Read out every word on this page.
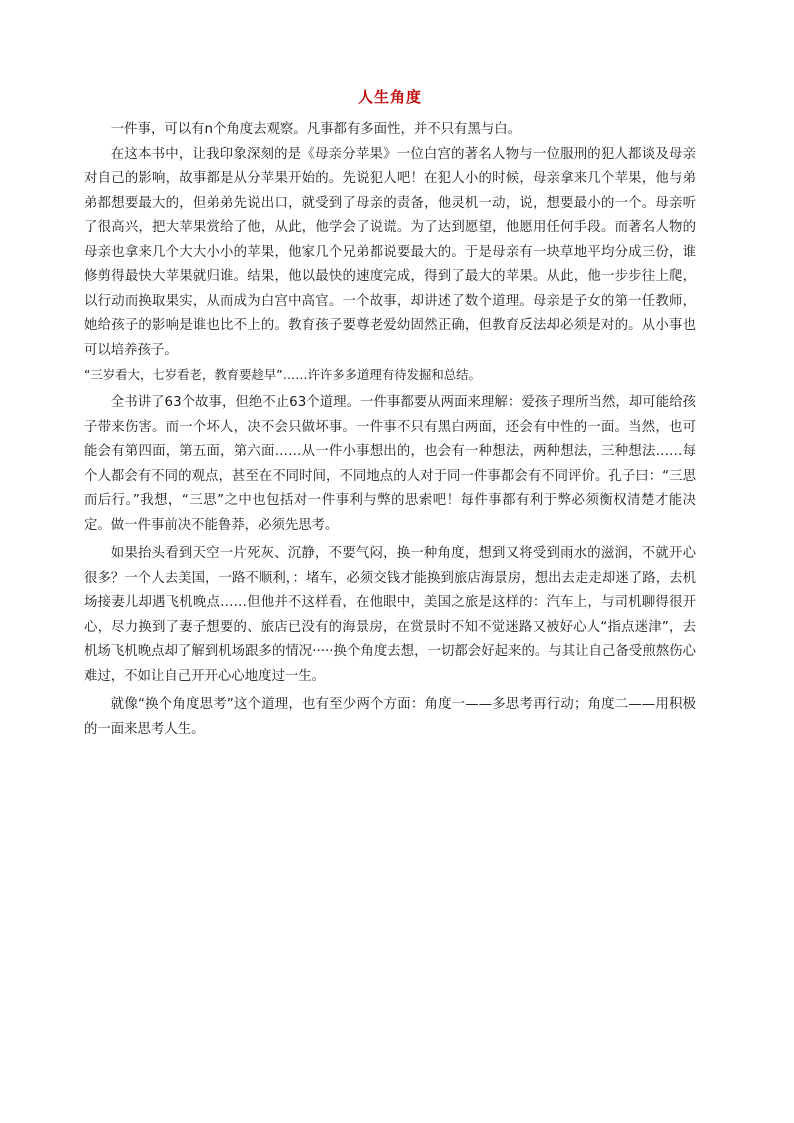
人生角度

一件事，可以有n个角度去观察。凡事都有多面性，并不只有黑与白。

在这本书中，让我印象深刻的是《母亲分苹果》一位白宫的著名人物与一位服刑的犯人都谈及母亲对自己的影响，故事都是从分苹果开始的。先说犯人吧！在犯人小的时候，母亲拿来几个苹果，他与弟弟都想要最大的，但弟弟先说出口，就受到了母亲的责备，他灵机一动，说，想要最小的一个。母亲听了很高兴，把大苹果赏给了他，从此，他学会了说谎。为了达到愿望，他愿用任何手段。而著名人物的母亲也拿来几个大大小小的苹果，他家几个兄弟都说要最大的。于是母亲有一块草地平均分成三份，谁修剪得最快大苹果就归谁。结果，他以最快的速度完成，得到了最大的苹果。从此，他一步步往上爬，以行动而换取果实，从而成为白宫中高官。一个故事，却讲述了数个道理。母亲是子女的第一任教师，她给孩子的影响是谁也比不上的。教育孩子要尊老爱幼固然正确，但教育反法却必须是对的。从小事也可以培养孩子。

“三岁看大，七岁看老，教育要趁早”……许许多多道理有待发掘和总结。

全书讲了63个故事，但绝不止63个道理。一件事都要从两面来理解：爱孩子理所当然，却可能给孩子带来伤害。而一个坏人，决不会只做坏事。一件事不只有黑白两面，还会有中性的一面。当然，也可能会有第四面，第五面，第六面……从一件小事想出的，也会有一种想法，两种想法，三种想法……每个人都会有不同的观点，甚至在不同时间，不同地点的人对于同一件事都会有不同评价。孔子曰：“三思而后行。”我想，“三思”之中也包括对一件事利与弊的思索吧！每件事都有利于弊必须衡权清楚才能决定。做一件事前决不能鲁莽，必须先思考。

如果抬头看到天空一片死灰、沉静，不要气闷，换一种角度，想到又将受到雨水的滋润，不就开心很多？一个人去美国，一路不顺利，：堵车，必须交钱才能换到旅店海景房，想出去走走却迷了路，去机场接妻儿却遇飞机晚点……但他并不这样看，在他眼中，美国之旅是这样的：汽车上，与司机聊得很开心，尽力换到了妻子想要的、旅店已没有的海景房，在赏景时不知不觉迷路又被好心人“指点迷津”，去机场飞机晚点却了解到机场跟多的情况·····换个角度去想，一切都会好起来的。与其让自己备受煎熬伤心难过，不如让自己开开心心地度过一生。

就像“换个角度思考”这个道理，也有至少两个方面：角度一——多思考再行动；角度二——用积极的一面来思考人生。
